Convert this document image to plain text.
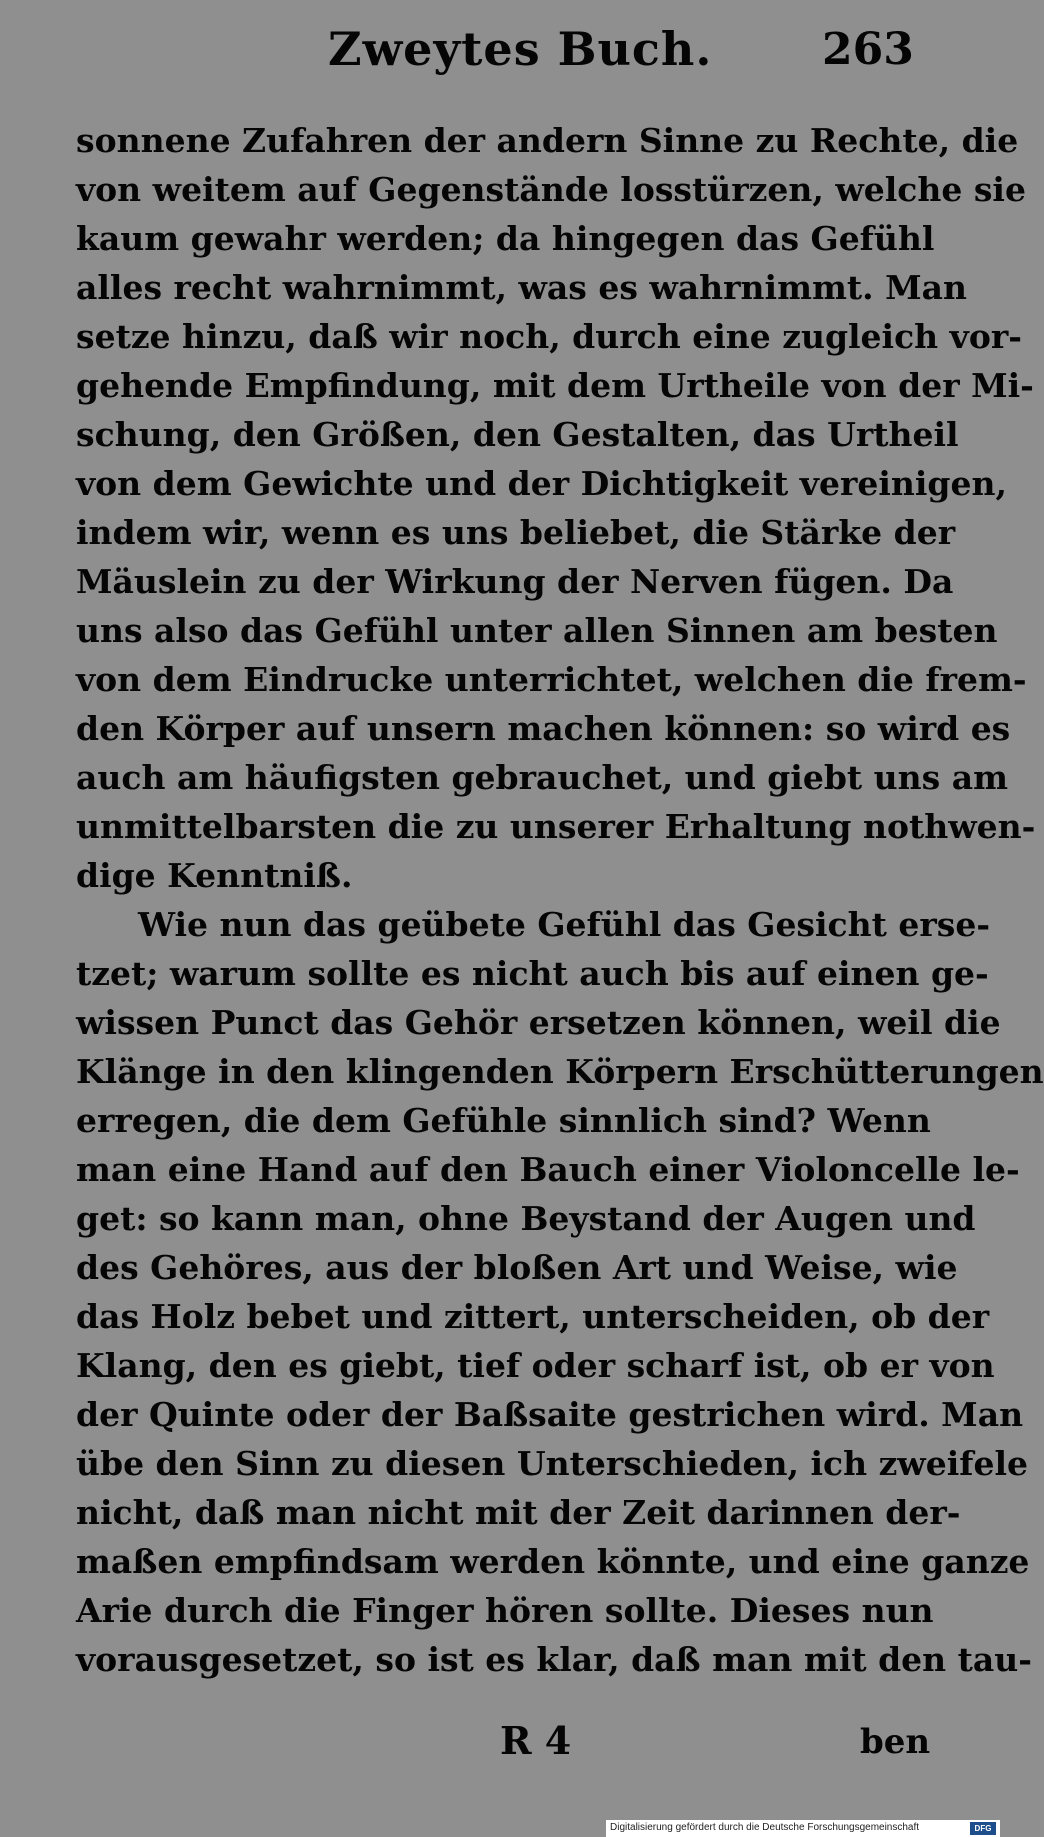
Zweytes Buch. 263
sonnene Zufahren der andern Sinne zu Rechte, die
von weitem auf Gegenstände losstürzen, welche sie
kaum gewahr werden; da hingegen das Gefühl
alles recht wahrnimmt, was es wahrnimmt. Man
setze hinzu, daß wir noch, durch eine zugleich vor-
gehende Empfindung, mit dem Urtheile von der Mi-
schung, den Größen, den Gestalten, das Urtheil
von dem Gewichte und der Dichtigkeit vereinigen,
indem wir, wenn es uns beliebet, die Stärke der
Mäuslein zu der Wirkung der Nerven fügen. Da
uns also das Gefühl unter allen Sinnen am besten
von dem Eindrucke unterrichtet, welchen die frem-
den Körper auf unsern machen können: so wird es
auch am häufigsten gebrauchet, und giebt uns am
unmittelbarsten die zu unserer Erhaltung nothwen-
dige Kenntniß.
Wie nun das geübete Gefühl das Gesicht erse-
tzet; warum sollte es nicht auch bis auf einen ge-
wissen Punct das Gehör ersetzen können, weil die
Klänge in den klingenden Körpern Erschütterungen
erregen, die dem Gefühle sinnlich sind? Wenn
man eine Hand auf den Bauch einer Violoncelle le-
get: so kann man, ohne Beystand der Augen und
des Gehöres, aus der bloßen Art und Weise, wie
das Holz bebet und zittert, unterscheiden, ob der
Klang, den es giebt, tief oder scharf ist, ob er von
der Quinte oder der Baßsaite gestrichen wird. Man
übe den Sinn zu diesen Unterschieden, ich zweifele
nicht, daß man nicht mit der Zeit darinnen der-
maßen empfindsam werden könnte, und eine ganze
Arie durch die Finger hören sollte. Dieses nun
vorausgesetzet, so ist es klar, daß man mit den tau-
R 4	ben
Digitalisierung gefördert durch die Deutsche Forschungsgemeinschaft	DFG
